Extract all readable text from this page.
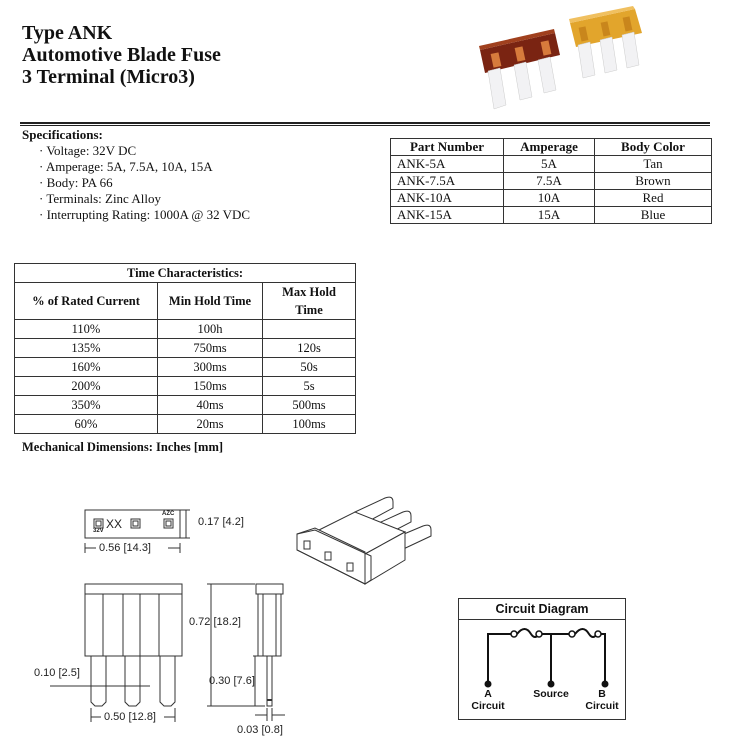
Type ANK
Automotive Blade Fuse
3 Terminal (Micro3)
Specifications:
· Voltage: 32V DC
· Amperage: 5A, 7.5A, 10A, 15A
· Body: PA 66
· Terminals: Zinc Alloy
· Interrupting Rating: 1000A @ 32 VDC
Part Number	Amperage	Body Color
ANK-5A	5A	Tan
ANK-7.5A	7.5A	Brown
ANK-10A	10A	Red
ANK-15A	15A	Blue
Time Characteristics:		
% of Rated Current	Min Hold Time	Max Hold Time
110%	100h	
135%	750ms	120s
160%	300ms	50s
200%	150ms	5s
350%	40ms	500ms
60%	20ms	100ms
Mechanical Dimensions: Inches [mm]
32V XX
AZC
0.17 [4.2]
0.56 [14.3]
0.10 [2.5]
0.50 [12.8]
0.72 [18.2]
0.30 [7.6]
0.03 [0.8]
Circuit Diagram
A
Circuit
Source	B
Circuit
